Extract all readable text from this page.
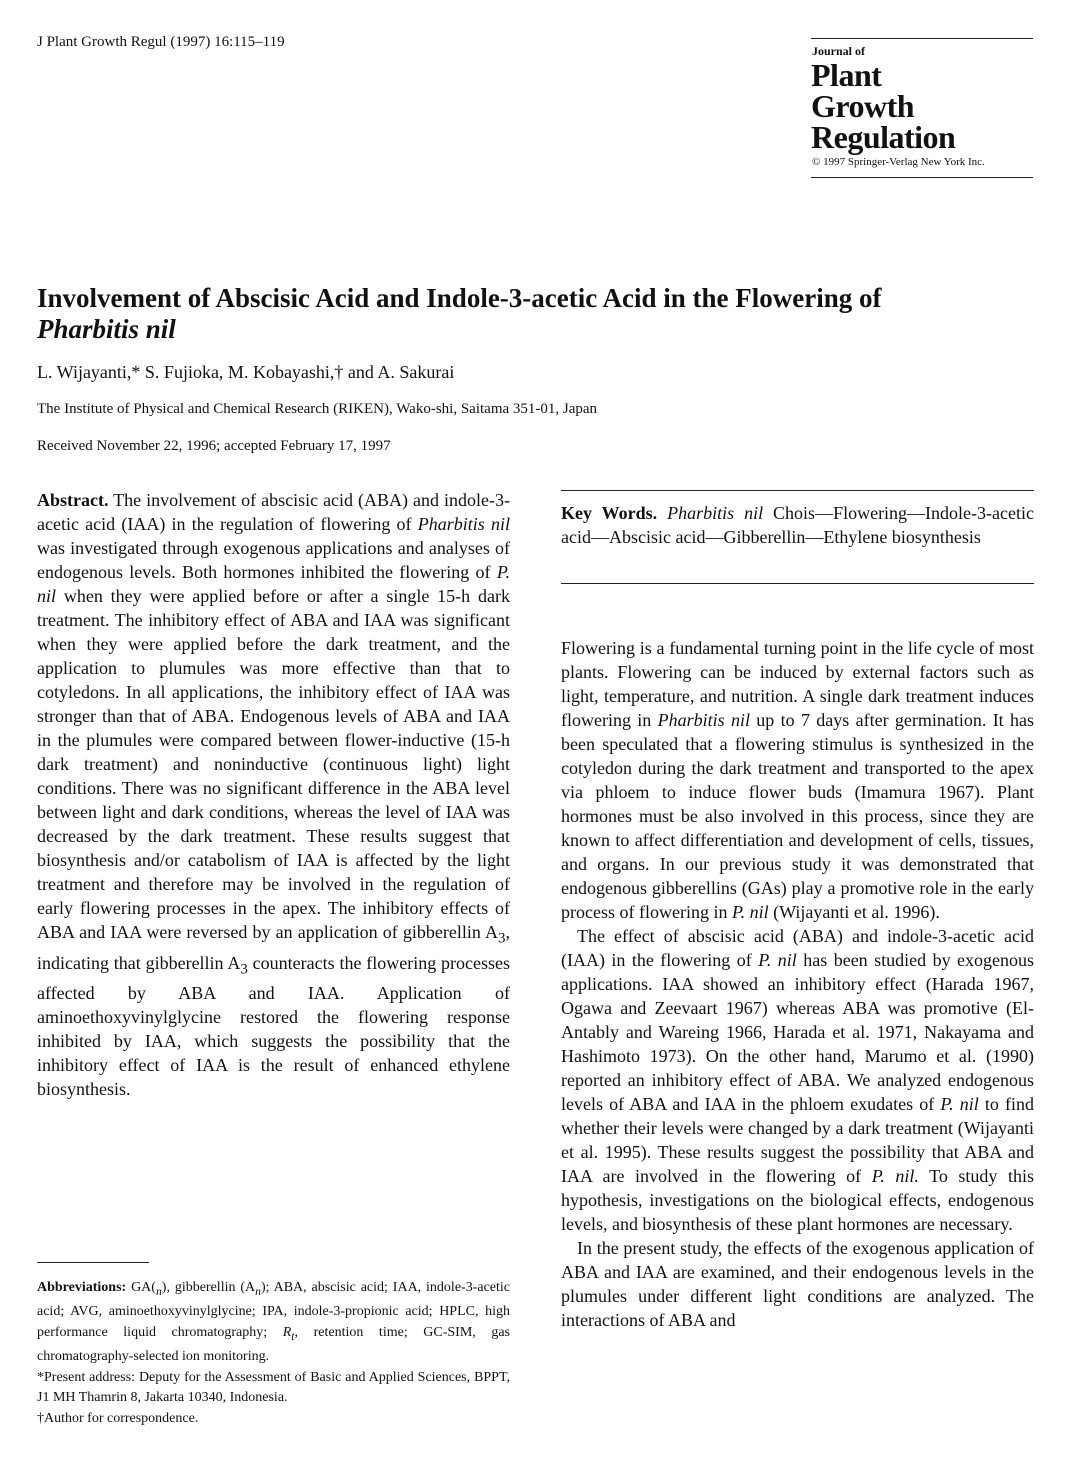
J Plant Growth Regul (1997) 16:115–119
Journal of
Plant
Growth
Regulation
© 1997 Springer-Verlag New York Inc.
Involvement of Abscisic Acid and Indole-3-acetic Acid in the Flowering of
Pharbitis nil
L. Wijayanti,* S. Fujioka, M. Kobayashi,† and A. Sakurai
The Institute of Physical and Chemical Research (RIKEN), Wako-shi, Saitama 351-01, Japan
Received November 22, 1996; accepted February 17, 1997
Abstract. The involvement of abscisic acid (ABA) and indole-3-acetic acid (IAA) in the regulation of flowering of Pharbitis nil was investigated through exogenous applications and analyses of endogenous levels. Both hormones inhibited the flowering of P. nil when they were applied before or after a single 15-h dark treatment. The inhibitory effect of ABA and IAA was significant when they were applied before the dark treatment, and the application to plumules was more effective than that to cotyledons. In all applications, the inhibitory effect of IAA was stronger than that of ABA. Endogenous levels of ABA and IAA in the plumules were compared between flower-inductive (15-h dark treatment) and noninductive (continuous light) light conditions. There was no significant difference in the ABA level between light and dark conditions, whereas the level of IAA was decreased by the dark treatment. These results suggest that biosynthesis and/or catabolism of IAA is affected by the light treatment and therefore may be involved in the regulation of early flowering processes in the apex. The inhibitory effects of ABA and IAA were reversed by an application of gibberellin $A_3$, indicating that gibberellin $A_3$ counteracts the flowering processes affected by ABA and IAA. Application of aminoethoxyvinylglycine restored the flowering response inhibited by IAA, which suggests the possibility that the inhibitory effect of IAA is the result of enhanced ethylene biosynthesis.
Key Words. Pharbitis nil Chois—Flowering—Indole-3-acetic acid—Abscisic acid—Gibberellin—Ethylene biosynthesis

Flowering is a fundamental turning point in the life cycle of most plants. Flowering can be induced by external factors such as light, temperature, and nutrition. A single dark treatment induces flowering in Pharbitis nil up to 7 days after germination. It has been speculated that a flowering stimulus is synthesized in the cotyledon during the dark treatment and transported to the apex via phloem to induce flower buds (Imamura 1967). Plant hormones must be also involved in this process, since they are known to affect differentiation and development of cells, tissues, and organs. In our previous study it was demonstrated that endogenous gibberellins (GAs) play a promotive role in the early process of flowering in P. nil (Wijayanti et al. 1996).

The effect of abscisic acid (ABA) and indole-3-acetic acid (IAA) in the flowering of P. nil has been studied by exogenous applications. IAA showed an inhibitory effect (Harada 1967, Ogawa and Zeevaart 1967) whereas ABA was promotive (El-Antably and Wareing 1966, Harada et al. 1971, Nakayama and Hashimoto 1973). On the other hand, Marumo et al. (1990) reported an inhibitory effect of ABA. We analyzed endogenous levels of ABA and IAA in the phloem exudates of P. nil to find whether their levels were changed by a dark treatment (Wijayanti et al. 1995). These results suggest the possibility that ABA and IAA are involved in the flowering of P. nil. To study this hypothesis, investigations on the biological effects, endogenous levels, and biosynthesis of these plant hormones are necessary.

In the present study, the effects of the exogenous application of ABA and IAA are examined, and their endogenous levels in the plumules under different light conditions are analyzed. The interactions of ABA and

Abbreviations: $GA(_n)$, gibberellin $(A_n)$; ABA, abscisic acid; IAA, indole-3-acetic acid; AVG, aminoethoxyvinylglycine; IPA, indole-3-propionic acid; HPLC, high performance liquid chromatography; $R_t$, retention time; GC-SIM, gas chromatography-selected ion monitoring.

*Present address: Deputy for the Assessment of Basic and Applied Sciences, BPPT, J1 MH Thamrin 8, Jakarta 10340, Indonesia.

†Author for correspondence.
